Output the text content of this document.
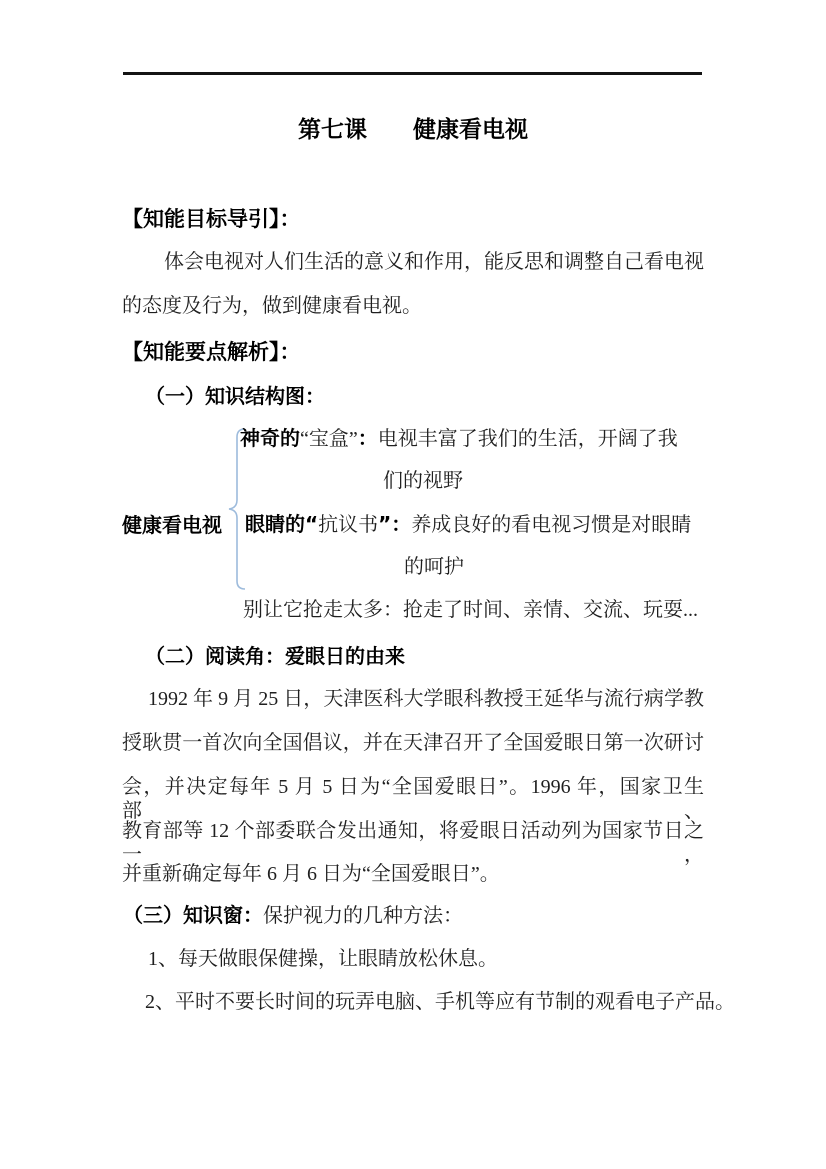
第七课　　健康看电视
【知能目标导引】：
体会电视对人们生活的意义和作用，能反思和调整自己看电视
的态度及行为，做到健康看电视。
【知能要点解析】：
（一）知识结构图：
健康看电视
神奇的“宝盒”：电视丰富了我们的生活，开阔了我
们的视野
眼睛的“抗议书”：养成良好的看电视习惯是对眼睛
的呵护
别让它抢走太多：抢走了时间、亲情、交流、玩耍...
（二）阅读角：爱眼日的由来
1992 年 9 月 25 日，天津医科大学眼科教授王延华与流行病学教
授耿贯一首次向全国倡议，并在天津召开了全国爱眼日第一次研讨
会，并决定每年 5 月 5 日为“全国爱眼日”。1996 年，国家卫生部、
教育部等 12 个部委联合发出通知，将爱眼日活动列为国家节日之一，
并重新确定每年 6 月 6 日为“全国爱眼日”。
（三）知识窗：保护视力的几种方法：
1、每天做眼保健操，让眼睛放松休息。
2、平时不要长时间的玩弄电脑、手机等应有节制的观看电子产品。
